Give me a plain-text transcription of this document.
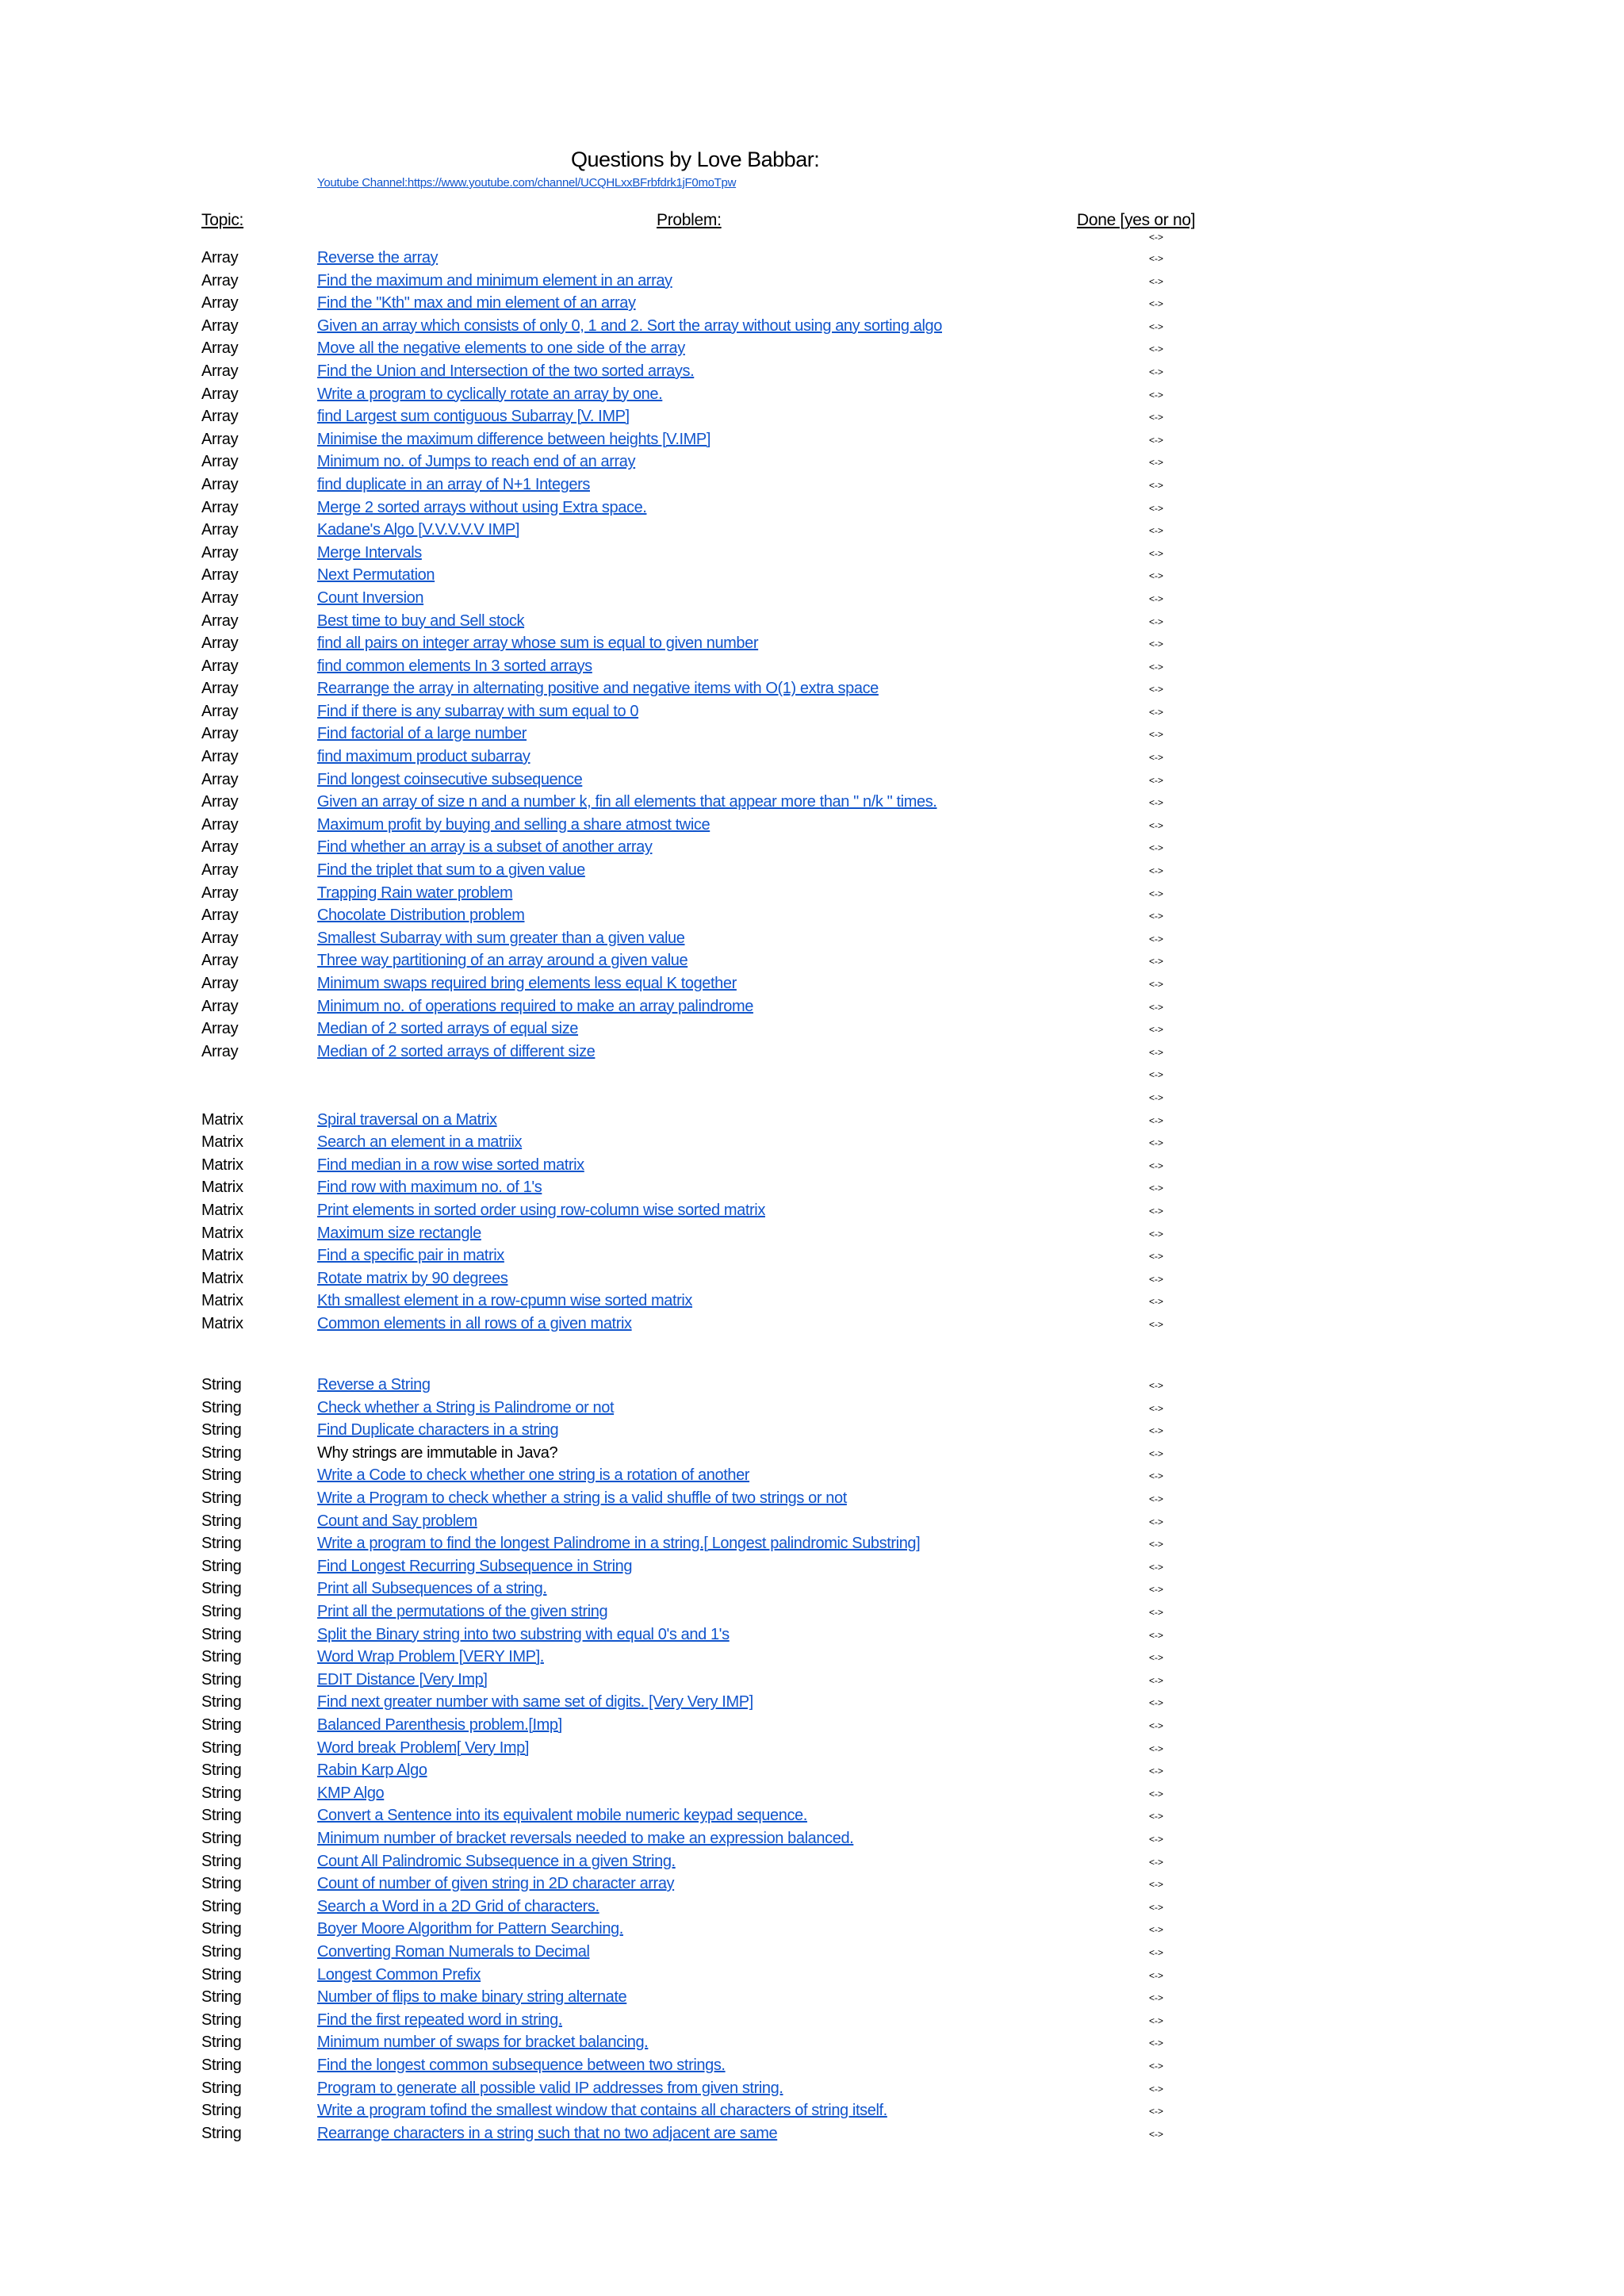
Questions by Love Babbar:
Youtube Channel:https://www.youtube.com/channel/UCQHLxxBFrbfdrk1jF0moTpw
Topic:	Problem:	Done [yes or no]
<->
Array	Reverse the array	<->
Array	Find the maximum and minimum element in an array	<->
Array	Find the "Kth" max and min element of an array	<->
Array	Given an array which consists of only 0, 1 and 2. Sort the array without using any sorting algo	<->
Array	Move all the negative elements to one side of the array	<->
Array	Find the Union and Intersection of the two sorted arrays.	<->
Array	Write a program to cyclically rotate an array by one.	<->
Array	find Largest sum contiguous Subarray [V. IMP]	<->
Array	Minimise the maximum difference between heights [V.IMP]	<->
Array	Minimum no. of Jumps to reach end of an array	<->
Array	find duplicate in an array of N+1 Integers	<->
Array	Merge 2 sorted arrays without using Extra space.	<->
Array	Kadane's Algo [V.V.V.V.V IMP]	<->
Array	Merge Intervals	<->
Array	Next Permutation	<->
Array	Count Inversion	<->
Array	Best time to buy and Sell stock	<->
Array	find all pairs on integer array whose sum is equal to given number	<->
Array	find common elements In 3 sorted arrays	<->
Array	Rearrange the array in alternating positive and negative items with O(1) extra space	<->
Array	Find if there is any subarray with sum equal to 0	<->
Array	Find factorial of a large number	<->
Array	find maximum product subarray	<->
Array	Find longest coinsecutive subsequence	<->
Array	Given an array of size n and a number k, fin all elements that appear more than " n/k " times.	<->
Array	Maximum profit by buying and selling a share atmost twice	<->
Array	Find whether an array is a subset of another array	<->
Array	Find the triplet that sum to a given value	<->
Array	Trapping Rain water problem	<->
Array	Chocolate Distribution problem	<->
Array	Smallest Subarray with sum greater than a given value	<->
Array	Three way partitioning of an array around a given value	<->
Array	Minimum swaps required bring elements less equal K together	<->
Array	Minimum no. of operations required to make an array palindrome	<->
Array	Median of 2 sorted arrays of equal size	<->
Array	Median of 2 sorted arrays of different size	<->
<->
<->
Matrix	Spiral traversal on a Matrix	<->
Matrix	Search an element in a matriix	<->
Matrix	Find median in a row wise sorted matrix	<->
Matrix	Find row with maximum no. of 1's	<->
Matrix	Print elements in sorted order using row-column wise sorted matrix	<->
Matrix	Maximum size rectangle	<->
Matrix	Find a specific pair in matrix	<->
Matrix	Rotate matrix by 90 degrees	<->
Matrix	Kth smallest element in a row-cpumn wise sorted matrix	<->
Matrix	Common elements in all rows of a given matrix	<->
String	Reverse a String	<->
String	Check whether a String is Palindrome or not	<->
String	Find Duplicate characters in a string	<->
String	Why strings are immutable in Java?	<->
String	Write a Code to check whether one string is a rotation of another	<->
String	Write a Program to check whether a string is a valid shuffle of two strings or not	<->
String	Count and Say problem	<->
String	Write a program to find the longest Palindrome in a string.[ Longest palindromic Substring]	<->
String	Find Longest Recurring Subsequence in String	<->
String	Print all Subsequences of a string.	<->
String	Print all the permutations of the given string	<->
String	Split the Binary string into two substring with equal 0's and 1's	<->
String	Word Wrap Problem [VERY IMP].	<->
String	EDIT Distance [Very Imp]	<->
String	Find next greater number with same set of digits. [Very Very IMP]	<->
String	Balanced Parenthesis problem.[Imp]	<->
String	Word break Problem[ Very Imp]	<->
String	Rabin Karp Algo	<->
String	KMP Algo	<->
String	Convert a Sentence into its equivalent mobile numeric keypad sequence.	<->
String	Minimum number of bracket reversals needed to make an expression balanced.	<->
String	Count All Palindromic Subsequence in a given String.	<->
String	Count of number of given string in 2D character array	<->
String	Search a Word in a 2D Grid of characters.	<->
String	Boyer Moore Algorithm for Pattern Searching.	<->
String	Converting Roman Numerals to Decimal	<->
String	Longest Common Prefix	<->
String	Number of flips to make binary string alternate	<->
String	Find the first repeated word in string.	<->
String	Minimum number of swaps for bracket balancing.	<->
String	Find the longest common subsequence between two strings.	<->
String	Program to generate all possible valid IP addresses from given string.	<->
String	Write a program tofind the smallest window that contains all characters of string itself.	<->
String	Rearrange characters in a string such that no two adjacent are same	<->
